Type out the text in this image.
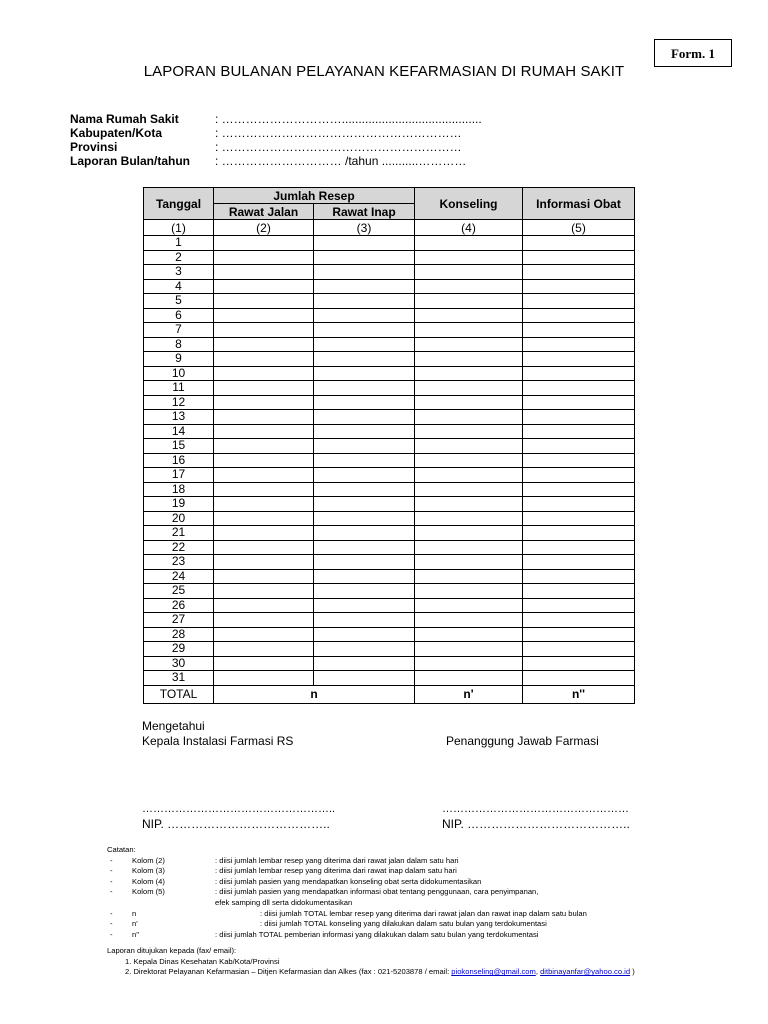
Form. 1
LAPORAN BULANAN PELAYANAN KEFARMASIAN DI RUMAH SAKIT
Nama Rumah Sakit	: …………………………..........................................
Kabupaten/Kota	: ……………………………………………………
Provinsi	: ……………………………………………………
Laporan Bulan/tahun	: ………………………… /tahun ...........…………
Tanggal	Jumlah Resep		Konseling	Informasi Obat
	Rawat Jalan	Rawat Inap		
(1)	(2)	(3)	(4)	(5)
1				
2				
3				
4				
5				
6				
7				
8				
9				
10				
11				
12				
13				
14				
15				
16				
17				
18				
19				
20				
21				
22				
23				
24				
25				
26				
27				
28				
29				
30				
31				
TOTAL	n		n'	n''
Mengetahui
Kepala Instalasi Farmasi RS	Penanggung Jawab Farmasi
……………………………………………..	……………………………………………
NIP. …………………………………..	NIP. …………………………………..
Catatan:
-	Kolom (2)	: diisi jumlah lembar resep yang diterima dari rawat jalan dalam satu hari
-	Kolom (3)	: diisi jumlah lembar resep yang diterima dari rawat inap dalam satu hari
-	Kolom (4)	: diisi jumlah pasien yang mendapatkan konseling obat serta didokumentasikan
-	Kolom (5)	: diisi jumlah pasien yang mendapatkan informasi obat tentang penggunaan, cara penyimpanan,
efek samping dll serta didokumentasikan
-	n	: diisi jumlah TOTAL lembar resep yang diterima dari rawat jalan dan rawat inap dalam satu bulan
-	n'	: diisi jumlah TOTAL konseling yang dilakukan dalam satu bulan yang terdokumentasi
-	n''	: diisi jumlah TOTAL pemberian informasi yang dilakukan dalam satu bulan yang terdokumentasi
Laporan ditujukan kepada (fax/ email):
1. Kepala Dinas Kesehatan Kab/Kota/Provinsi
2. Direktorat Pelayanan Kefarmasian – Ditjen Kefarmasian dan Alkes (fax : 021-5203878 / email: piokonseling@gmail.com, ditbinayanfar@yahoo.co.id )
